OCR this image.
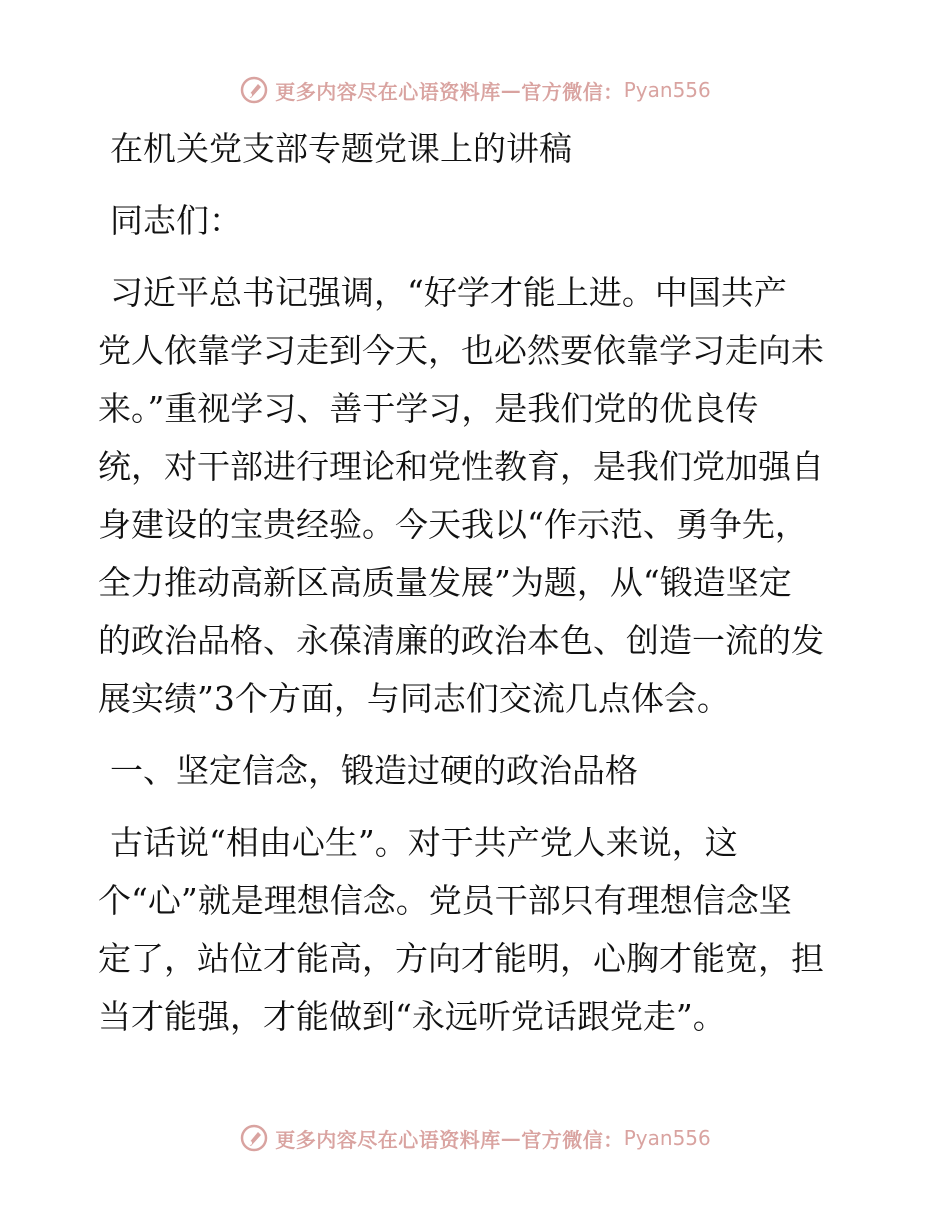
更多内容尽在心语资料库 — 官方微信： Pyan556
在机关党支部专题党课上的讲稿
同志们：
习近平总书记强调，“好学才能上进。中国共产
党人依靠学习走到今天，也必然要依靠学习走向未
来。”重视学习、善于学习，是我们党的优良传
统，对干部进行理论和党性教育，是我们党加强自
身建设的宝贵经验。今天我以“作示范、勇争先，
全力推动高新区高质量发展”为题，从“锻造坚定
的政治品格、永葆清廉的政治本色、创造一流的发
展实绩”3个方面，与同志们交流几点体会。
一、坚定信念，锻造过硬的政治品格
古话说“相由心生”。对于共产党人来说，这
个“心”就是理想信念。党员干部只有理想信念坚
定了，站位才能高，方向才能明，心胸才能宽，担
当才能强，才能做到“永远听党话跟党走”。
更多内容尽在心语资料库 — 官方微信： Pyan556
